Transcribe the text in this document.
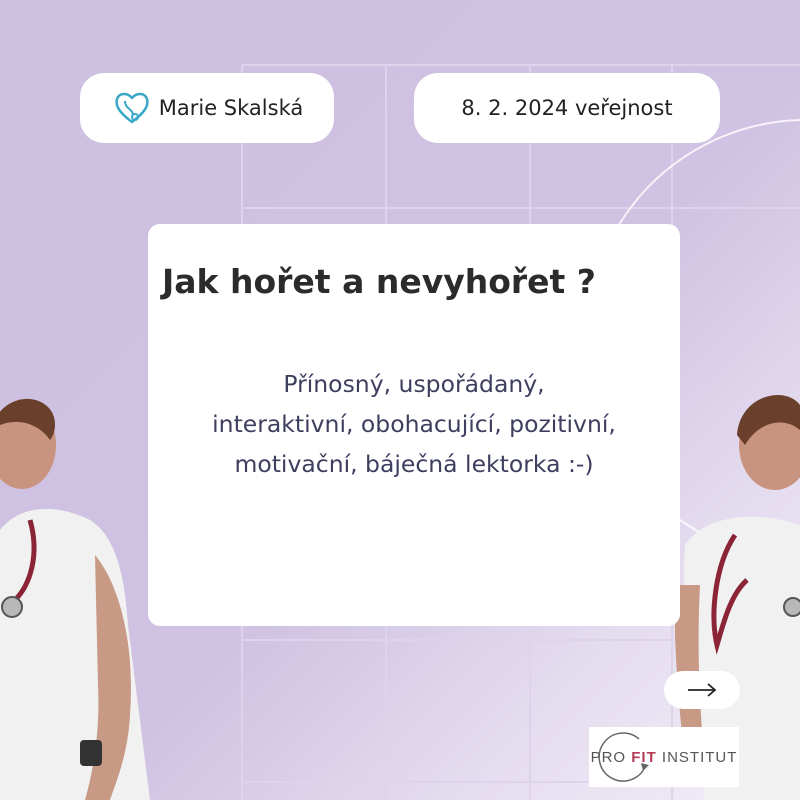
Marie Skalská	8. 2. 2024 veřejnost
Jak hořet a nevyhořet ?

Přínosný, uspořádaný,
interaktivní, obohacující, pozitivní,
motivační, báječná lektorka :-)

PRO FIT INSTITUT
